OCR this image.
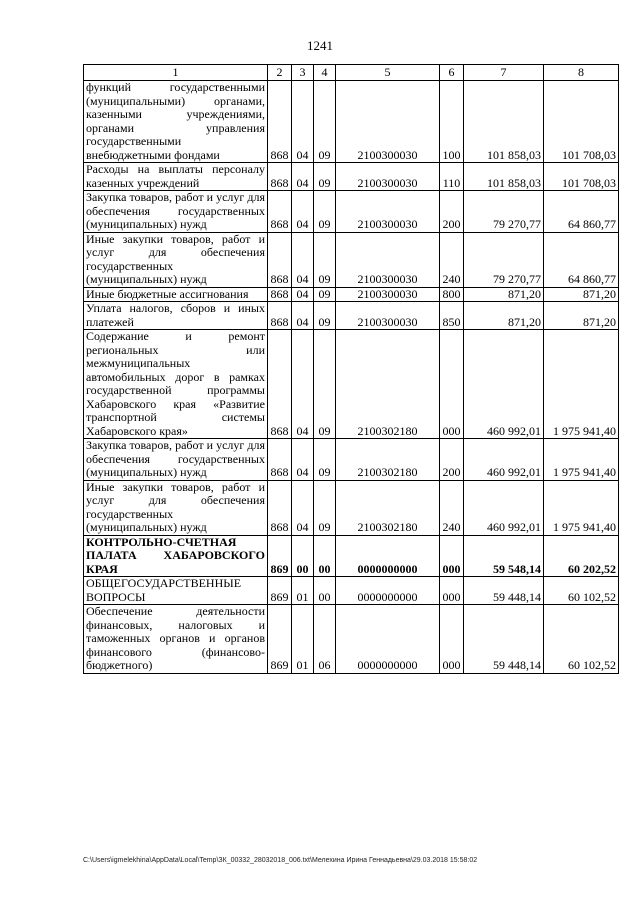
1241
1	2	3	4	5	6	7	8
функций государственными (муниципальными) органами, казенными учреждениями, органами управления государственными внебюджетными фондами	868	04	09	2100300030	100	101 858,03	101 708,03
Расходы на выплаты персоналу казенных учреждений	868	04	09	2100300030	110	101 858,03	101 708,03
Закупка товаров, работ и услуг для обеспечения государственных (муниципальных) нужд	868	04	09	2100300030	200	79 270,77	64 860,77
Иные закупки товаров, работ и услуг для обеспечения государственных (муниципальных) нужд	868	04	09	2100300030	240	79 270,77	64 860,77
Иные бюджетные ассигнования	868	04	09	2100300030	800	871,20	871,20
Уплата налогов, сборов и иных платежей	868	04	09	2100300030	850	871,20	871,20
Содержание и ремонт региональных или межмуниципальных автомобильных дорог в рамках государственной программы Хабаровского края «Развитие транспортной системы Хабаровского края»	868	04	09	2100302180	000	460 992,01	1 975 941,40
Закупка товаров, работ и услуг для обеспечения государственных (муниципальных) нужд	868	04	09	2100302180	200	460 992,01	1 975 941,40
Иные закупки товаров, работ и услуг для обеспечения государственных (муниципальных) нужд	868	04	09	2100302180	240	460 992,01	1 975 941,40
КОНТРОЛЬНО-СЧЕТНАЯ ПАЛАТА ХАБАРОВСКОГО КРАЯ	869	00	00	0000000000	000	59 548,14	60 202,52
ОБЩЕГОСУДАРСТВЕННЫЕ ВОПРОСЫ	869	01	00	0000000000	000	59 448,14	60 102,52
Обеспечение деятельности финансовых, налоговых и таможенных органов и органов финансового (финансово-бюджетного)	869	01	06	0000000000	000	59 448,14	60 102,52
C:\Users\igmelekhina\AppData\Local\Temp\ЗК_00332_28032018_006.txt\Мелехина Ирина Геннадьевна\29.03.2018 15:58:02
